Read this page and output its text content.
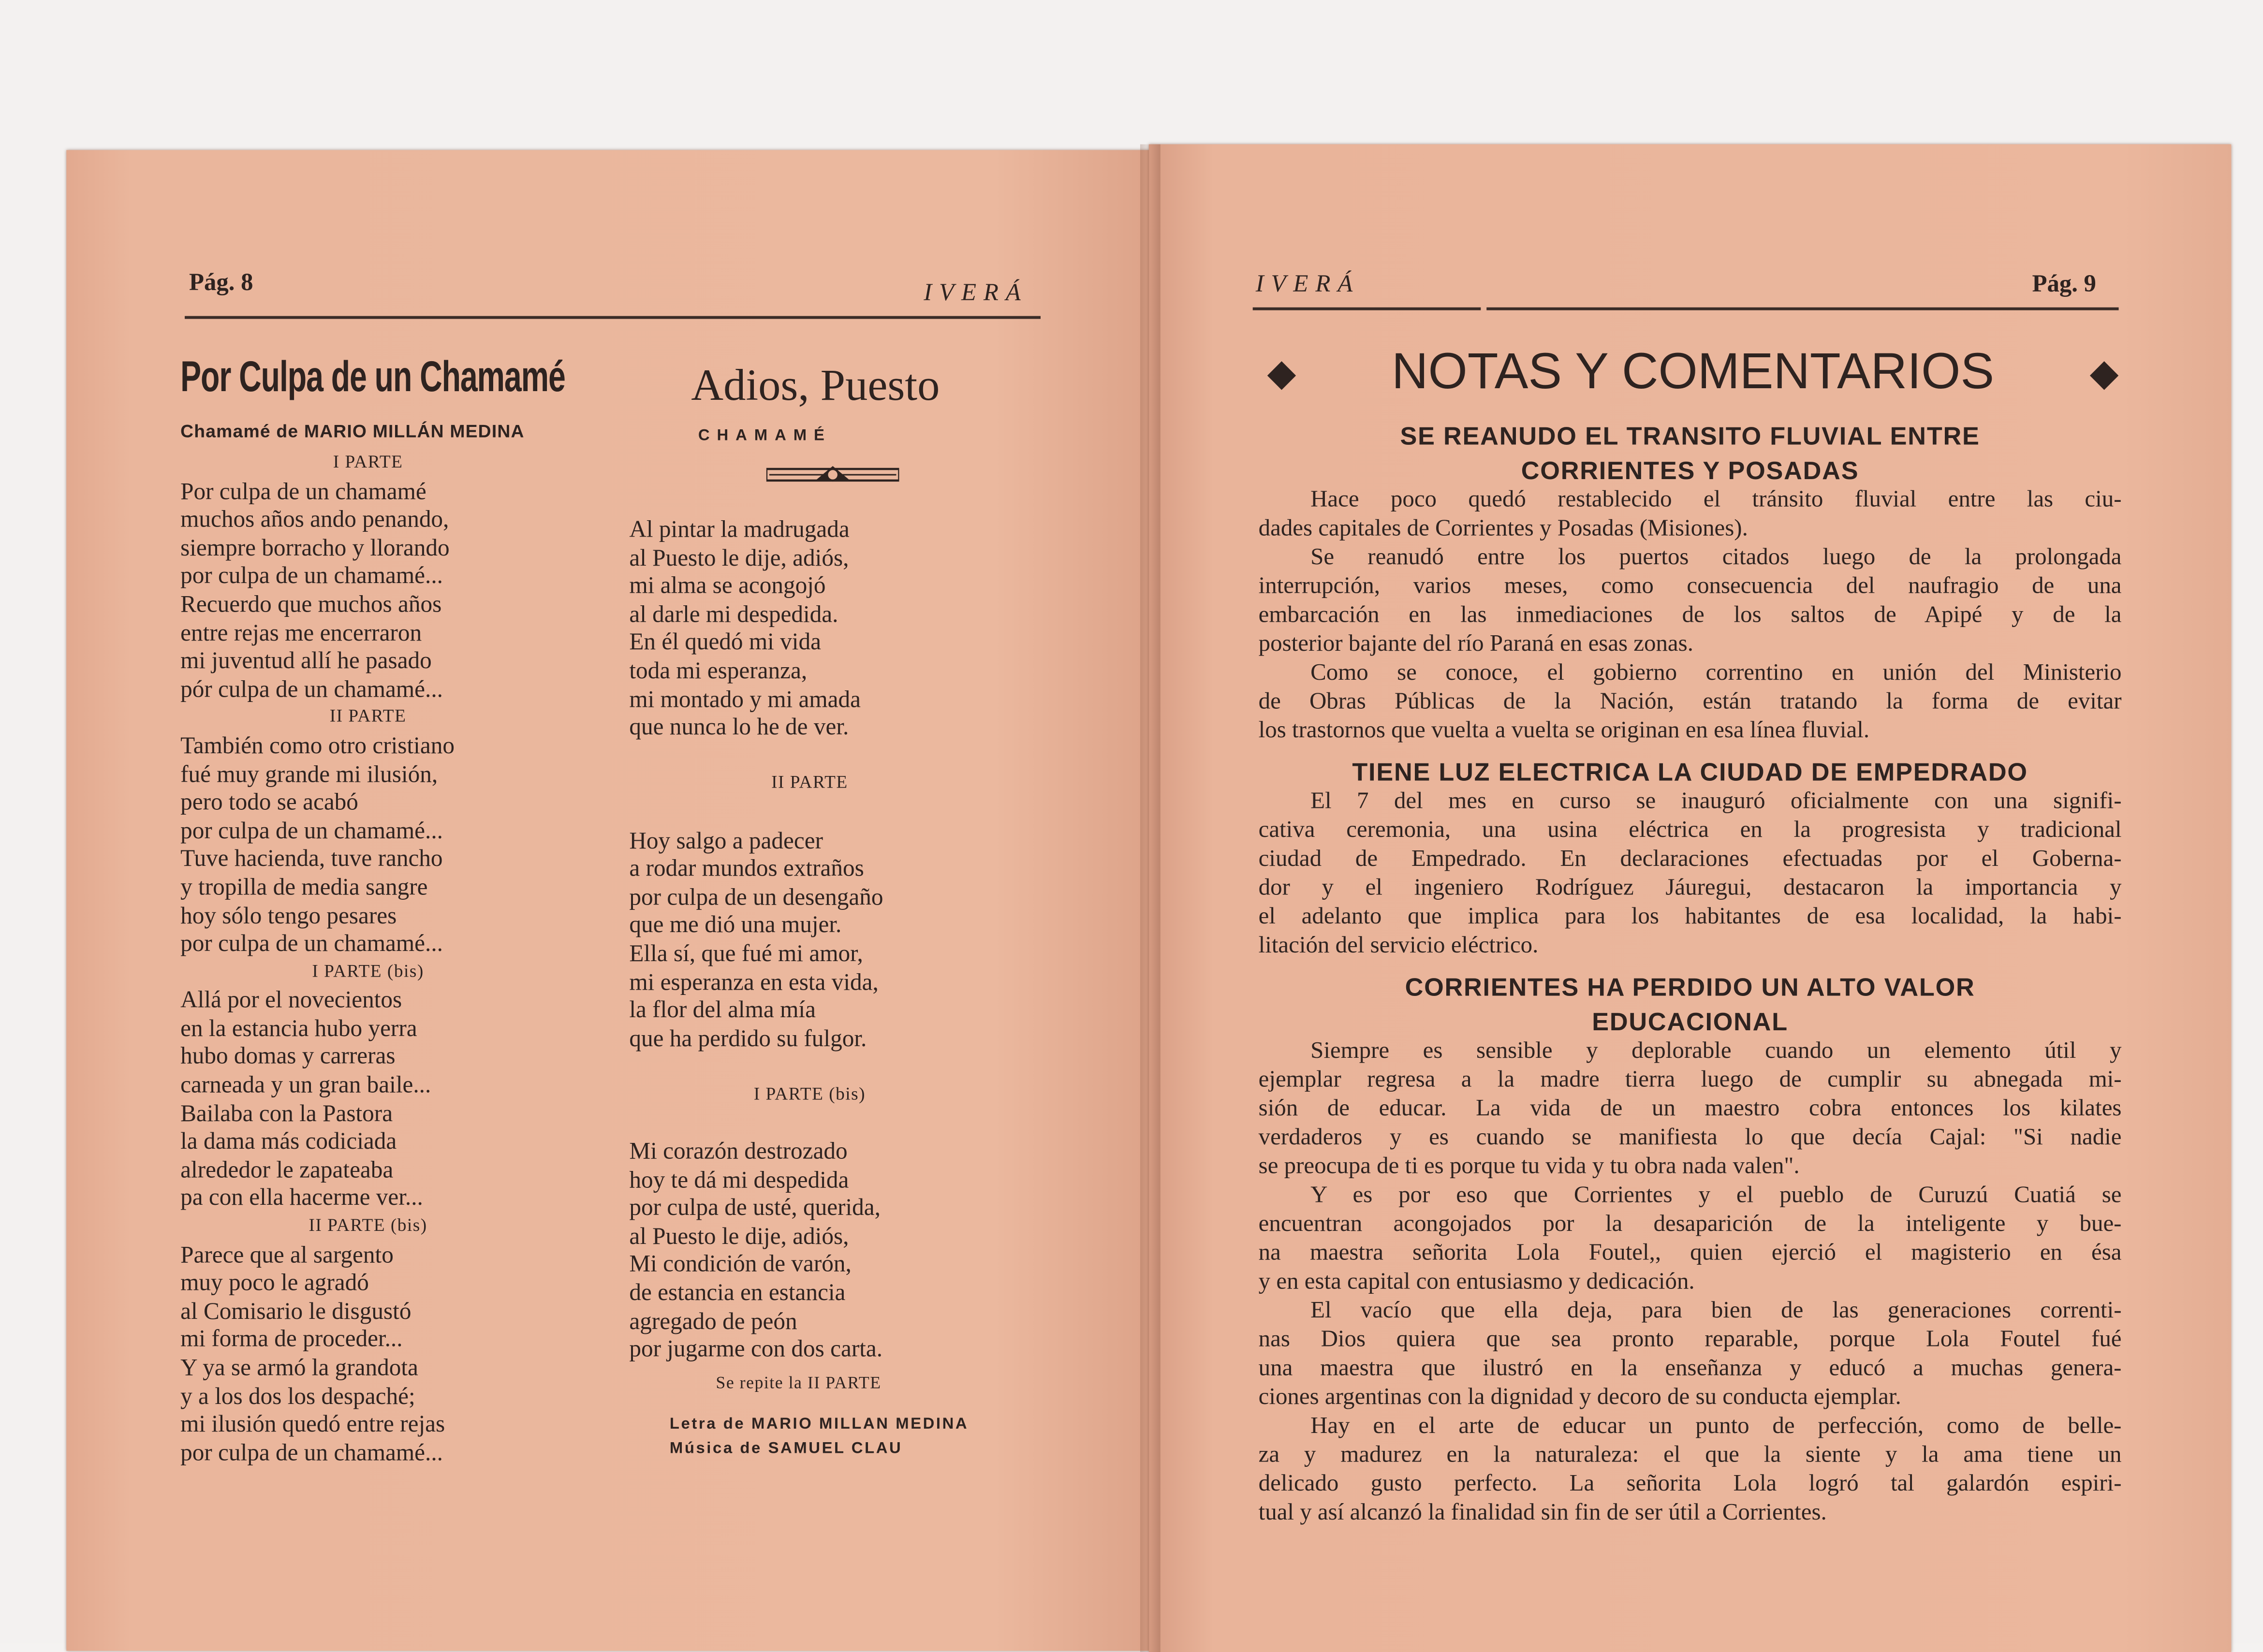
Pág. 8	IVERÁ
Por Culpa de un Chamamé
Chamamé de MARIO MILLÁN MEDINA
I PARTE
Por culpa de un chamamé
muchos años ando penando,
siempre borracho y llorando
por culpa de un chamamé...
Recuerdo que muchos años
entre rejas me encerraron
mi juventud allí he pasado
pór culpa de un chamamé...
II PARTE
También como otro cristiano
fué muy grande mi ilusión,
pero todo se acabó
por culpa de un chamamé...
Tuve hacienda, tuve rancho
y tropilla de media sangre
hoy sólo tengo pesares
por culpa de un chamamé...
I PARTE (bis)
Allá por el novecientos
en la estancia hubo yerra
hubo domas y carreras
carneada y un gran baile...
Bailaba con la Pastora
la dama más codiciada
alrededor le zapateaba
pa con ella hacerme ver...
II PARTE (bis)
Parece que al sargento
muy poco le agradó
al Comisario le disgustó
mi forma de proceder...
Y ya se armó la grandota
y a los dos los despaché;
mi ilusión quedó entre rejas
por culpa de un chamamé...
Adios, Puesto
CHAMAMÉ
Al pintar la madrugada
al Puesto le dije, adiós,
mi alma se acongojó
al darle mi despedida.
En él quedó mi vida
toda mi esperanza,
mi montado y mi amada
que nunca lo he de ver.
II PARTE
Hoy salgo a padecer
a rodar mundos extraños
por culpa de un desengaño
que me dió una mujer.
Ella sí, que fué mi amor,
mi esperanza en esta vida,
la flor del alma mía
que ha perdido su fulgor.
I PARTE (bis)
Mi corazón destrozado
hoy te dá mi despedida
por culpa de usté, querida,
al Puesto le dije, adiós,
Mi condición de varón,
de estancia en estancia
agregado de peón
por jugarme con dos carta.
Se repite la II PARTE
Letra de MARIO MILLAN MEDINA
Música de SAMUEL CLAU
IVERÁ	Pág. 9
◆	NOTAS Y COMENTARIOS	◆
SE REANUDO EL TRANSITO FLUVIAL ENTRE
CORRIENTES Y POSADAS
Hace poco quedó restablecido el tránsito fluvial entre las ciu-
dades capitales de Corrientes y Posadas (Misiones).
Se reanudó entre los puertos citados luego de la prolongada
interrupción, varios meses, como consecuencia del naufragio de una
embarcación en las inmediaciones de los saltos de Apipé y de la
posterior bajante del río Paraná en esas zonas.
Como se conoce, el gobierno correntino en unión del Ministerio
de Obras Públicas de la Nación, están tratando la forma de evitar
los trastornos que vuelta a vuelta se originan en esa línea fluvial.
TIENE LUZ ELECTRICA LA CIUDAD DE EMPEDRADO
El 7 del mes en curso se inauguró oficialmente con una signifi-
cativa ceremonia, una usina eléctrica en la progresista y tradicional
ciudad de Empedrado. En declaraciones efectuadas por el Goberna-
dor y el ingeniero Rodríguez Jáuregui, destacaron la importancia y
el adelanto que implica para los habitantes de esa localidad, la habi-
litación del servicio eléctrico.
CORRIENTES HA PERDIDO UN ALTO VALOR
EDUCACIONAL
Siempre es sensible y deplorable cuando un elemento útil y
ejemplar regresa a la madre tierra luego de cumplir su abnegada mi-
sión de educar. La vida de un maestro cobra entonces los kilates
verdaderos y es cuando se manifiesta lo que decía Cajal: "Si nadie
se preocupa de ti es porque tu vida y tu obra nada valen".
Y es por eso que Corrientes y el pueblo de Curuzú Cuatiá se
encuentran acongojados por la desaparición de la inteligente y bue-
na maestra señorita Lola Foutel,, quien ejerció el magisterio en ésa
y en esta capital con entusiasmo y dedicación.
El vacío que ella deja, para bien de las generaciones correnti-
nas Dios quiera que sea pronto reparable, porque Lola Foutel fué
una maestra que ilustró en la enseñanza y educó a muchas genera-
ciones argentinas con la dignidad y decoro de su conducta ejemplar.
Hay en el arte de educar un punto de perfección, como de belle-
za y madurez en la naturaleza: el que la siente y la ama tiene un
delicado gusto perfecto. La señorita Lola logró tal galardón espiri-
tual y así alcanzó la finalidad sin fin de ser útil a Corrientes.
